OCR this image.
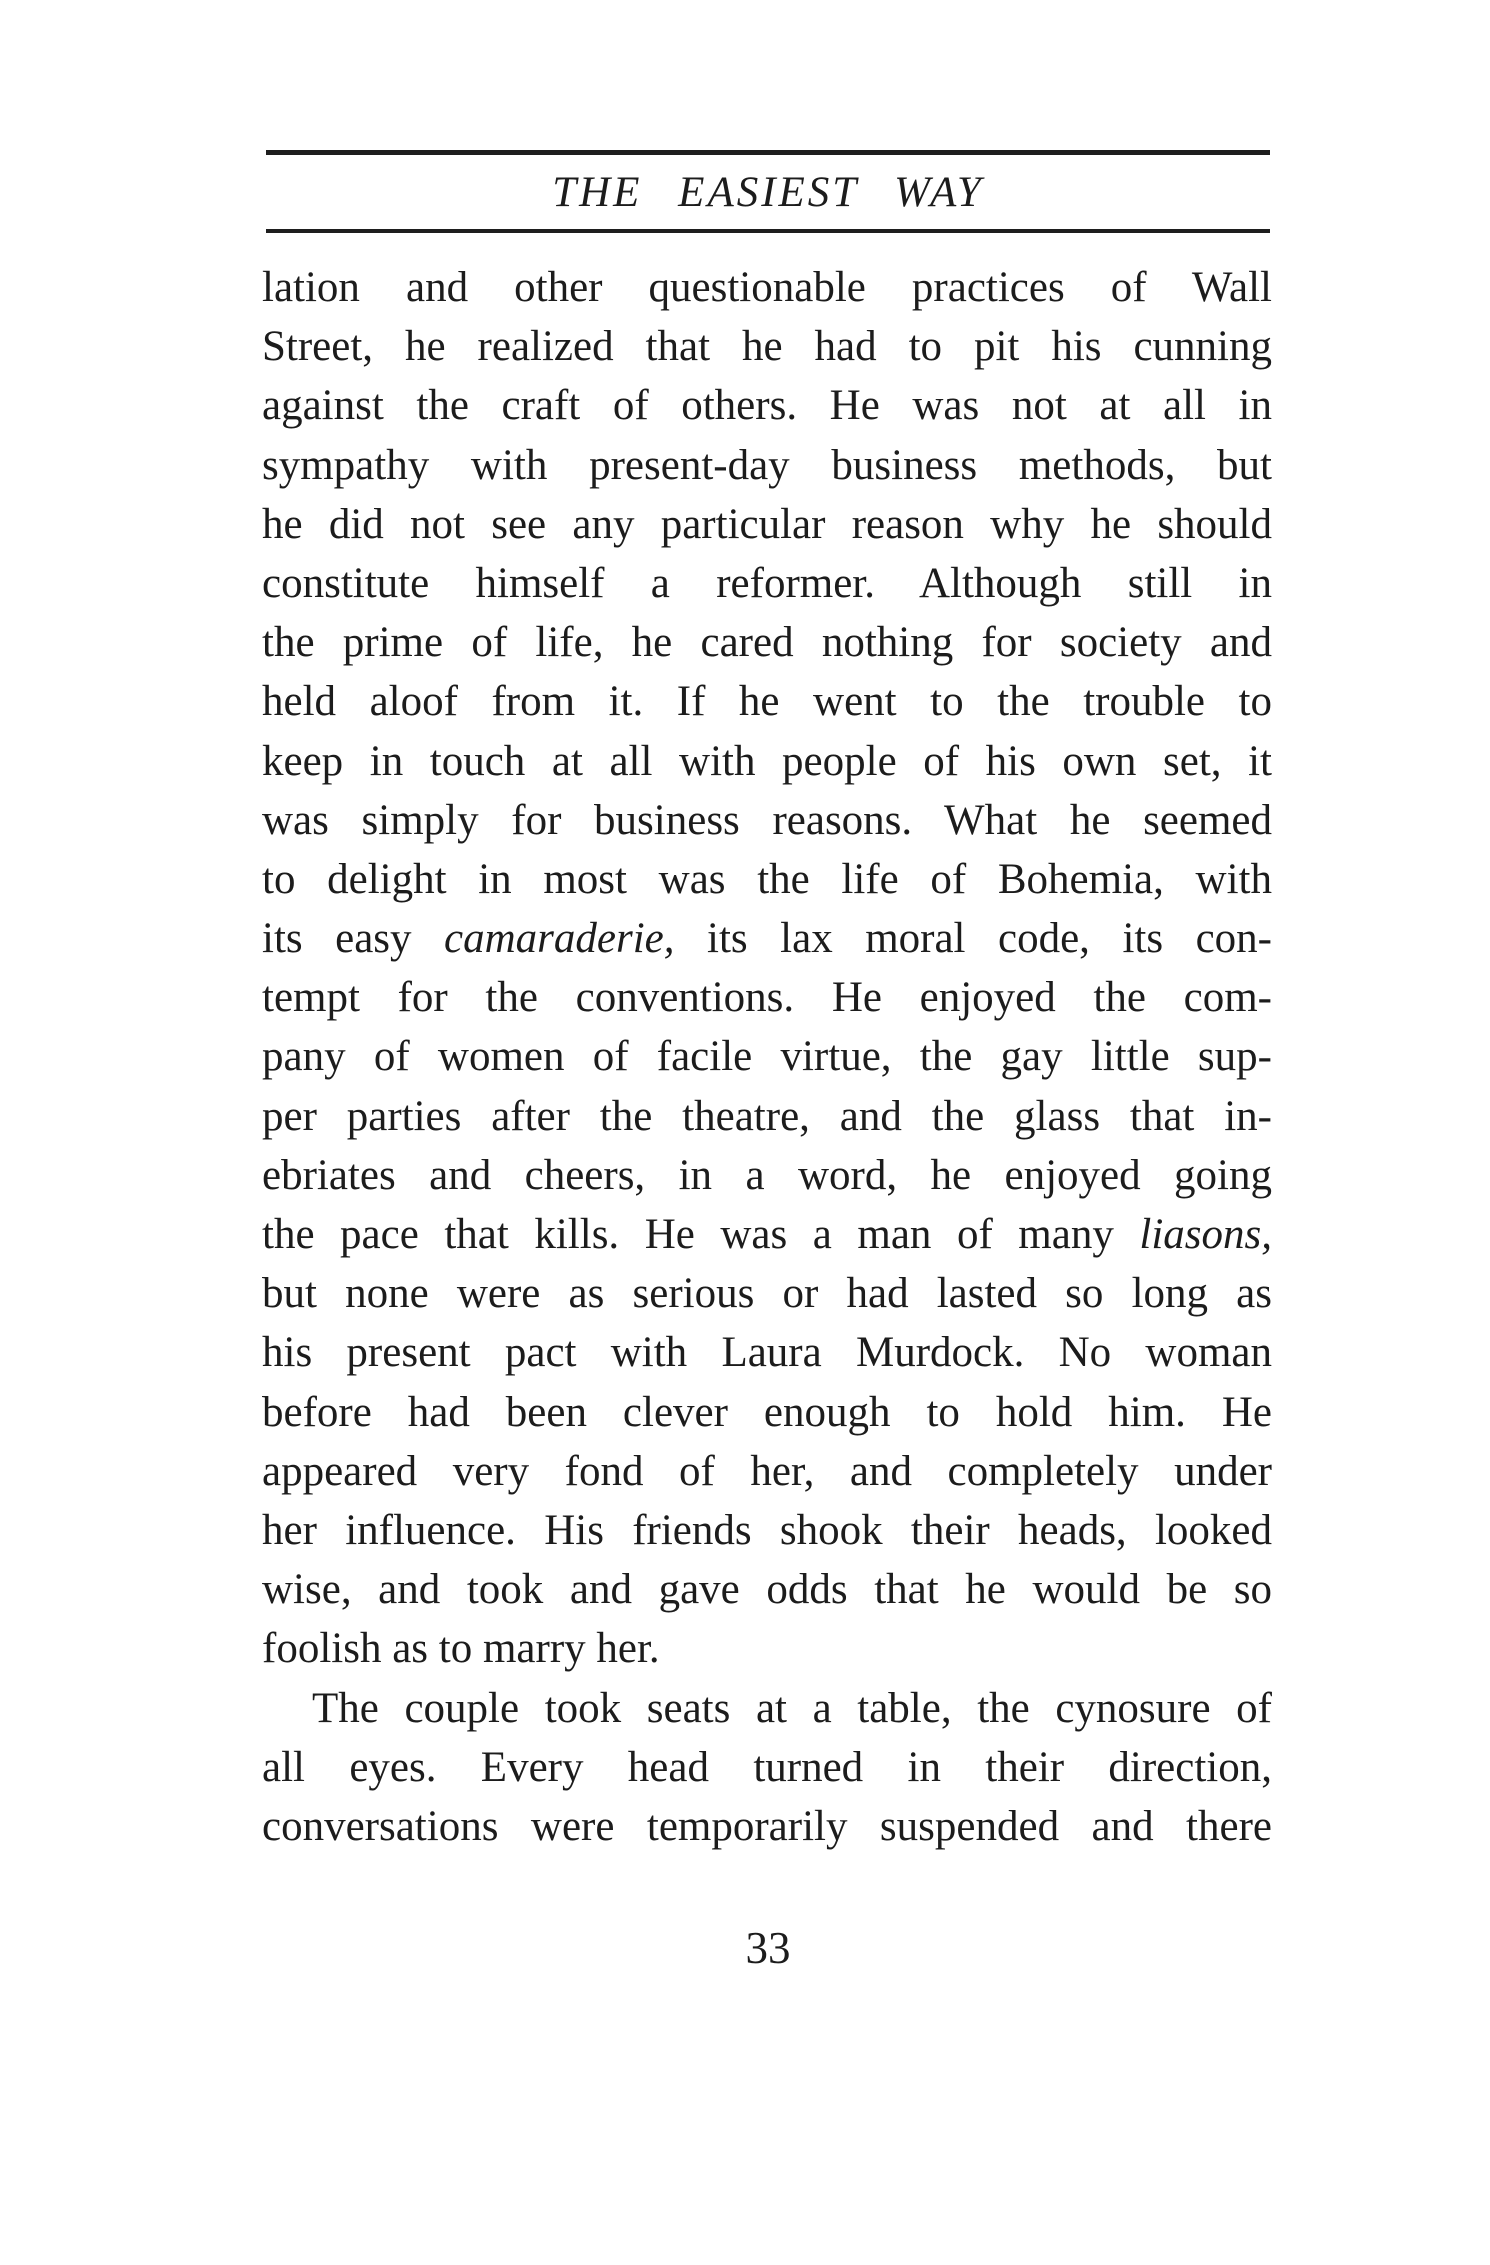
THE EASIEST WAY
lation and other questionable practices of Wall
Street, he realized that he had to pit his cunning
against the craft of others. He was not at all in
sympathy with present-day business methods, but
he did not see any particular reason why he should
constitute himself a reformer. Although still in
the prime of life, he cared nothing for society and
held aloof from it. If he went to the trouble to
keep in touch at all with people of his own set, it
was simply for business reasons. What he seemed
to delight in most was the life of Bohemia, with
its easy camaraderie, its lax moral code, its con-
tempt for the conventions. He enjoyed the com-
pany of women of facile virtue, the gay little sup-
per parties after the theatre, and the glass that in-
ebriates and cheers, in a word, he enjoyed going
the pace that kills. He was a man of many liasons,
but none were as serious or had lasted so long as
his present pact with Laura Murdock. No woman
before had been clever enough to hold him. He
appeared very fond of her, and completely under
her influence. His friends shook their heads, looked
wise, and took and gave odds that he would be so
foolish as to marry her.
The couple took seats at a table, the cynosure of
all eyes. Every head turned in their direction,
conversations were temporarily suspended and there
33
